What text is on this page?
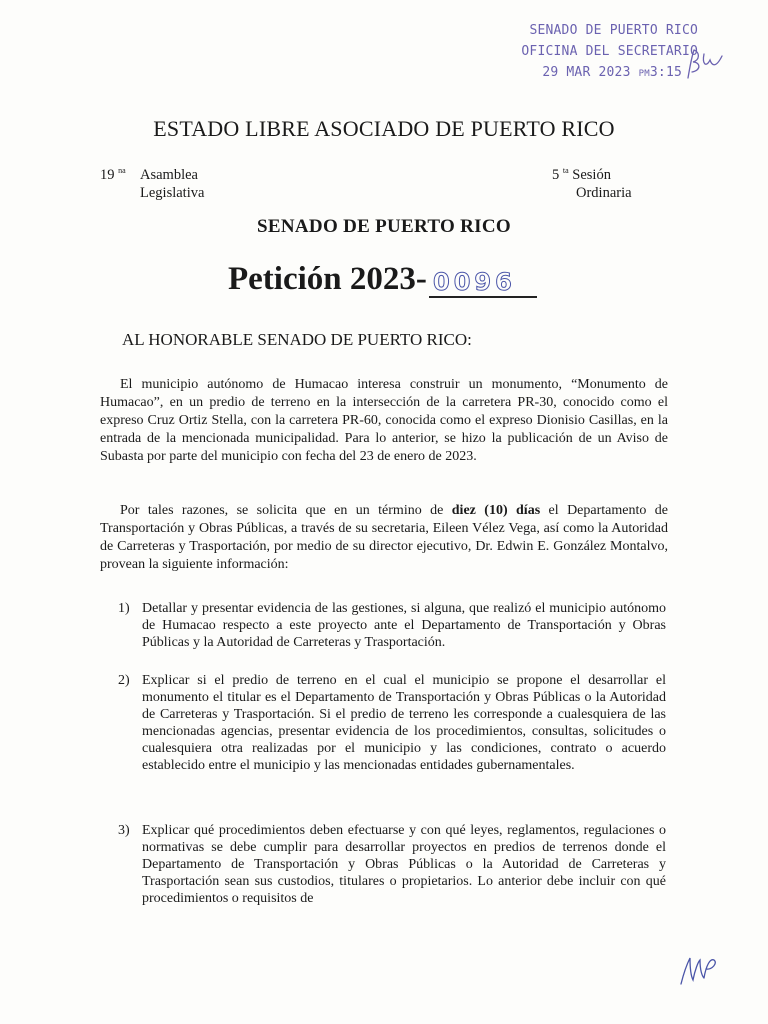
SENADO DE PUERTO RICO
OFICINA DEL SECRETARIO
29 MAR 2023 PM3:15
ESTADO LIBRE ASOCIADO DE PUERTO RICO
19 $^{na}$ Asamblea
Legislativa
5 $^{ta}$ Sesión
Ordinaria
SENADO DE PUERTO RICO
Petición 2023- 0096
AL HONORABLE SENADO DE PUERTO RICO:
El municipio autónomo de Humacao interesa construir un monumento, “Monumento de Humacao”, en un predio de terreno en la intersección de la carretera PR-30, conocido como el expreso Cruz Ortiz Stella, con la carretera PR-60, conocida como el expreso Dionisio Casillas, en la entrada de la mencionada municipalidad. Para lo anterior, se hizo la publicación de un Aviso de Subasta por parte del municipio con fecha del 23 de enero de 2023.
Por tales razones, se solicita que en un término de diez (10) días el Departamento de Transportación y Obras Públicas, a través de su secretaria, Eileen Vélez Vega, así como la Autoridad de Carreteras y Trasportación, por medio de su director ejecutivo, Dr. Edwin E. González Montalvo, provean la siguiente información:
1) Detallar y presentar evidencia de las gestiones, si alguna, que realizó el municipio autónomo de Humacao respecto a este proyecto ante el Departamento de Transportación y Obras Públicas y la Autoridad de Carreteras y Trasportación.
2) Explicar si el predio de terreno en el cual el municipio se propone el desarrollar el monumento el titular es el Departamento de Transportación y Obras Públicas o la Autoridad de Carreteras y Trasportación. Si el predio de terreno les corresponde a cualesquiera de las mencionadas agencias, presentar evidencia de los procedimientos, consultas, solicitudes o cualesquiera otra realizadas por el municipio y las condiciones, contrato o acuerdo establecido entre el municipio y las mencionadas entidades gubernamentales.
3) Explicar qué procedimientos deben efectuarse y con qué leyes, reglamentos, regulaciones o normativas se debe cumplir para desarrollar proyectos en predios de terrenos donde el Departamento de Transportación y Obras Públicas o la Autoridad de Carreteras y Trasportación sean sus custodios, titulares o propietarios. Lo anterior debe incluir con qué procedimientos o requisitos de
